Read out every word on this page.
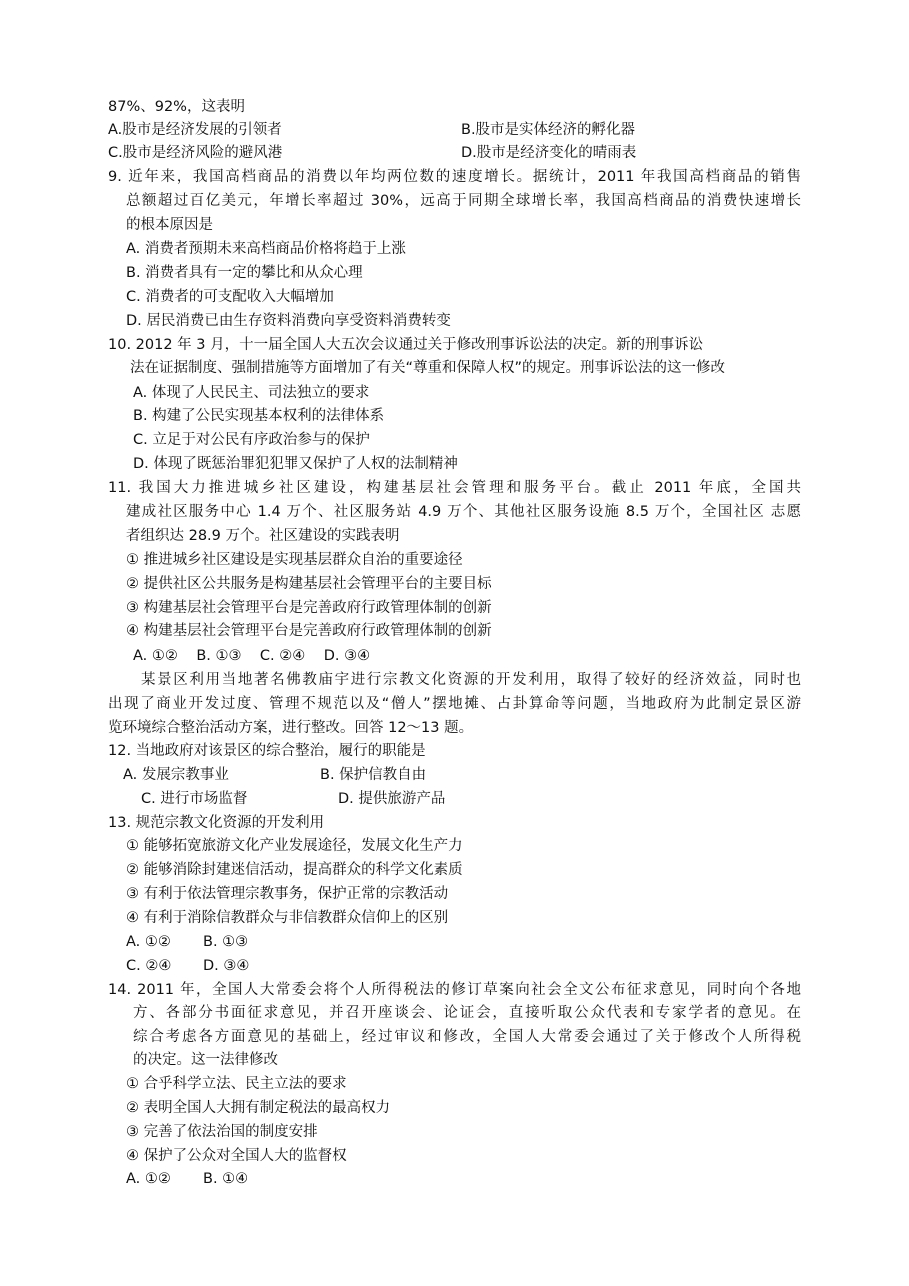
87%、92%，这表明
A.股市是经济发展的引领者	B.股市是实体经济的孵化器
C.股市是经济风险的避风港	D.股市是经济变化的晴雨表
9. 近年来，我国高档商品的消费以年均两位数的速度增长。据统计，2011 年我国高档商品的销售
总额超过百亿美元，年增长率超过 30%，远高于同期全球增长率，我国高档商品的消费快速增长
的根本原因是
A. 消费者预期未来高档商品价格将趋于上涨
B. 消费者具有一定的攀比和从众心理
C. 消费者的可支配收入大幅增加
D. 居民消费已由生存资料消费向享受资料消费转变
10. 2012 年 3 月，十一届全国人大五次会议通过关于修改刑事诉讼法的决定。新的刑事诉讼
法在证据制度、强制措施等方面增加了有关“尊重和保障人权”的规定。刑事诉讼法的这一修改
A. 体现了人民民主、司法独立的要求
B. 构建了公民实现基本权利的法律体系
C. 立足于对公民有序政治参与的保护
D. 体现了既惩治罪犯犯罪又保护了人权的法制精神
11. 我国大力推进城乡社区建设，构建基层社会管理和服务平台。截止 2011 年底，全国共
建成社区服务中心 1.4 万个、社区服务站 4.9 万个、其他社区服务设施 8.5 万个，全国社区 志愿
者组织达 28.9 万个。社区建设的实践表明
① 推进城乡社区建设是实现基层群众自治的重要途径
② 提供社区公共服务是构建基层社会管理平台的主要目标
③ 构建基层社会管理平台是完善政府行政管理体制的创新
④ 构建基层社会管理平台是完善政府行政管理体制的创新
A. ①②    B. ①③    C. ②④    D. ③④
某景区利用当地著名佛教庙宇进行宗教文化资源的开发利用，取得了较好的经济效益，同时也
出现了商业开发过度、管理不规范以及“僧人”摆地摊、占卦算命等问题，当地政府为此制定景区游
览环境综合整治活动方案，进行整改。回答 12～13 题。
12. 当地政府对该景区的综合整治，履行的职能是
A. 发展宗教事业	B. 保护信教自由
C. 进行市场监督	D. 提供旅游产品
13. 规范宗教文化资源的开发利用
① 能够拓宽旅游文化产业发展途径，发展文化生产力
② 能够消除封建迷信活动，提高群众的科学文化素质
③ 有利于依法管理宗教事务，保护正常的宗教活动
④ 有利于消除信教群众与非信教群众信仰上的区别
A. ①② B. ①③
C. ②④ D. ③④
14. 2011 年，全国人大常委会将个人所得税法的修订草案向社会全文公布征求意见，同时向个各地
方、各部分书面征求意见，并召开座谈会、论证会，直接听取公众代表和专家学者的意见。在
综合考虑各方面意见的基础上，经过审议和修改，全国人大常委会通过了关于修改个人所得税
的决定。这一法律修改
① 合乎科学立法、民主立法的要求
② 表明全国人大拥有制定税法的最高权力
③ 完善了依法治国的制度安排
④ 保护了公众对全国人大的监督权
A. ①② B. ①④
